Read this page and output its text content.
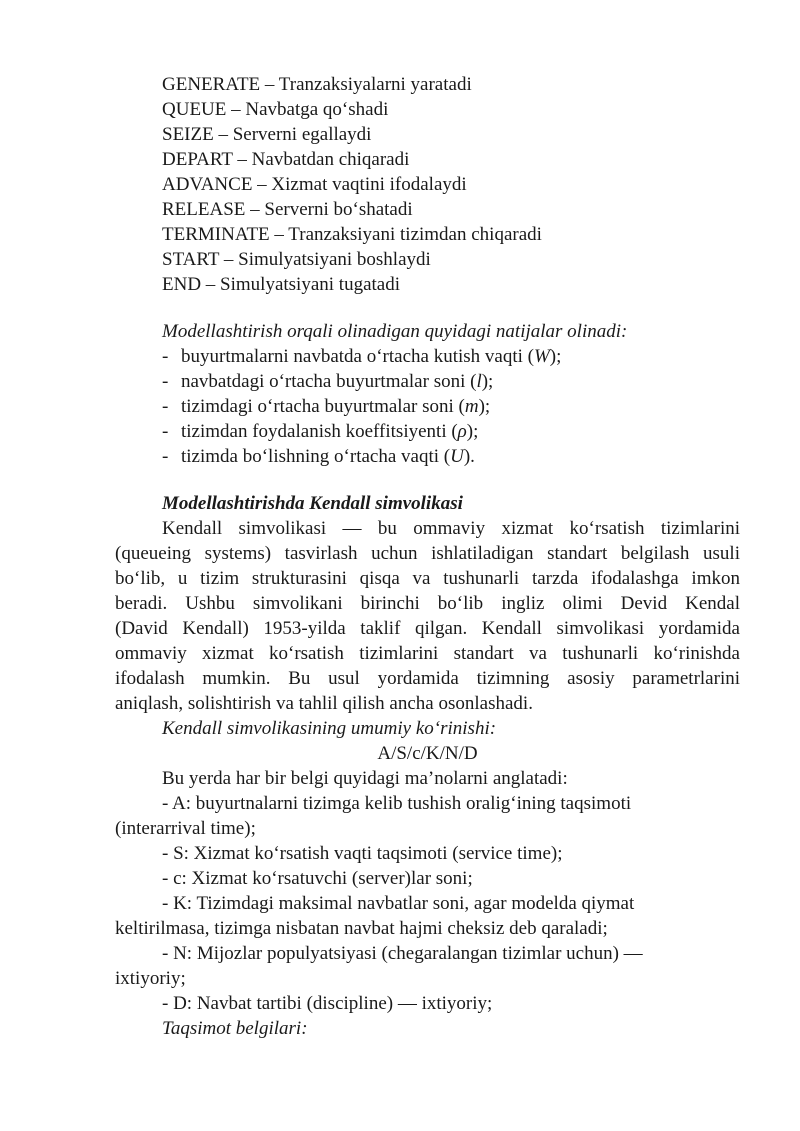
GENERATE – Tranzaksiyalarni yaratadi
QUEUE – Navbatga qo‘shadi
SEIZE – Serverni egallaydi
DEPART – Navbatdan chiqaradi
ADVANCE – Xizmat vaqtini ifodalaydi
RELEASE – Serverni bo‘shatadi
TERMINATE – Tranzaksiyani tizimdan chiqaradi
START – Simulyatsiyani boshlaydi
END – Simulyatsiyani tugatadi
Modellashtirish orqali olinadigan quyidagi natijalar olinadi:
- buyurtmalarni navbatda o‘rtacha kutish vaqti (W);
- navbatdagi o‘rtacha buyurtmalar soni (l);
- tizimdagi o‘rtacha buyurtmalar soni (m);
- tizimdan foydalanish koeffitsiyenti (ρ);
- tizimda bo‘lishning o‘rtacha vaqti (U).
Modellashtirishda Kendall simvolikasi
Kendall simvolikasi — bu ommaviy xizmat ko‘rsatish tizimlarini
(queueing systems) tasvirlash uchun ishlatiladigan standart belgilash usuli
bo‘lib, u tizim strukturasini qisqa va tushunarli tarzda ifodalashga imkon
beradi. Ushbu simvolikani birinchi bo‘lib ingliz olimi Devid Kendal
(David Kendall) 1953-yilda taklif qilgan. Kendall simvolikasi yordamida
ommaviy xizmat ko‘rsatish tizimlarini standart va tushunarli ko‘rinishda
ifodalash mumkin. Bu usul yordamida tizimning asosiy parametrlarini
aniqlash, solishtirish va tahlil qilish ancha osonlashadi.
Kendall simvolikasining umumiy ko‘rinishi:
A/S/c/K/N/D
Bu yerda har bir belgi quyidagi ma’nolarni anglatadi:
- A: buyurtnalarni tizimga kelib tushish oralig‘ining taqsimoti
(interarrival time);
- S: Xizmat ko‘rsatish vaqti taqsimoti (service time);
- c: Xizmat ko‘rsatuvchi (server)lar soni;
- K: Tizimdagi maksimal navbatlar soni, agar modelda qiymat
keltirilmasa, tizimga nisbatan navbat hajmi cheksiz deb qaraladi;
- N: Mijozlar populyatsiyasi (chegaralangan tizimlar uchun) —
ixtiyoriy;
- D: Navbat tartibi (discipline) — ixtiyoriy;
Taqsimot belgilari:
